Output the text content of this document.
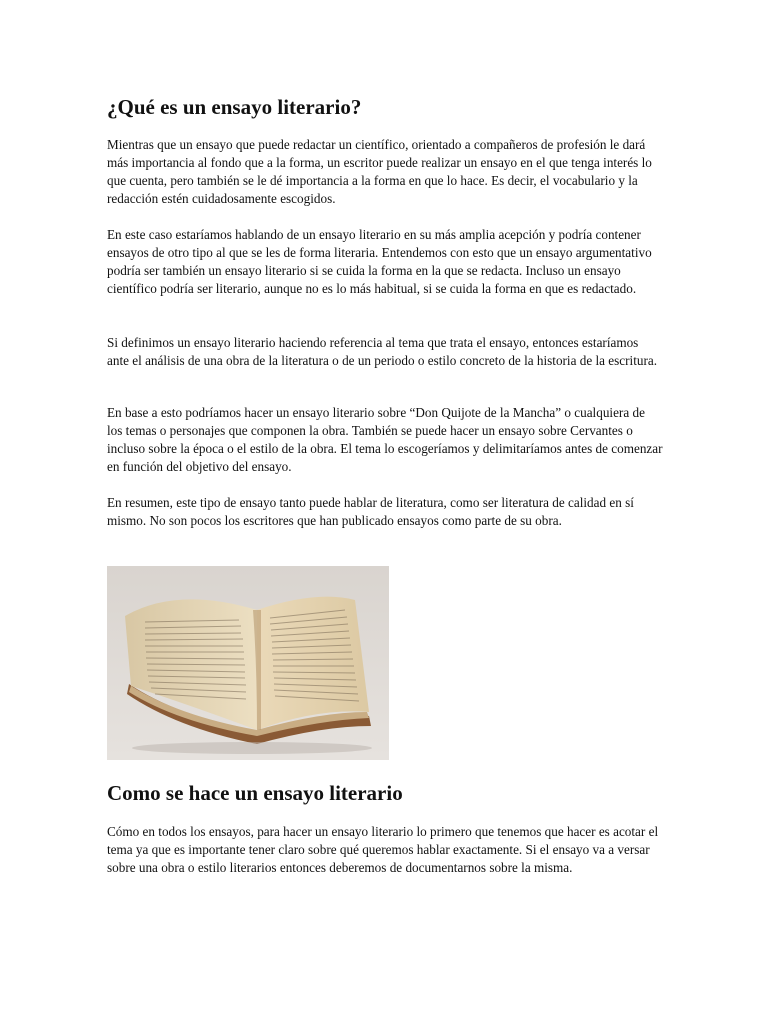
¿Qué es un ensayo literario?

Mientras que un ensayo que puede redactar un científico, orientado a compañeros de profesión le dará más importancia al fondo que a la forma, un escritor puede realizar un ensayo en el que tenga interés lo que cuenta, pero también se le dé importancia a la forma en que lo hace. Es decir, el vocabulario y la redacción estén cuidadosamente escogidos.

En este caso estaríamos hablando de un ensayo literario en su más amplia acepción y podría contener ensayos de otro tipo al que se les de forma literaria. Entendemos con esto que un ensayo argumentativo podría ser también un ensayo literario si se cuida la forma en la que se redacta. Incluso un ensayo científico podría ser literario, aunque no es lo más habitual, si se cuida la forma en que es redactado.

Si definimos un ensayo literario haciendo referencia al tema que trata el ensayo, entonces estaríamos ante el análisis de una obra de la literatura o de un periodo o estilo concreto de la historia de la escritura.

En base a esto podríamos hacer un ensayo literario sobre “Don Quijote de la Mancha” o cualquiera de los temas o personajes que componen la obra. También se puede hacer un ensayo sobre Cervantes o incluso sobre la época o el estilo de la obra. El tema lo escogeríamos y delimitaríamos antes de comenzar en función del objetivo del ensayo.

En resumen, este tipo de ensayo tanto puede hablar de literatura, como ser literatura de calidad en sí mismo. No son pocos los escritores que han publicado ensayos como parte de su obra.

Como se hace un ensayo literario

Cómo en todos los ensayos, para hacer un ensayo literario lo primero que tenemos que hacer es acotar el tema ya que es importante tener claro sobre qué queremos hablar exactamente. Si el ensayo va a versar sobre una obra o estilo literarios entonces deberemos de documentarnos sobre la misma.
